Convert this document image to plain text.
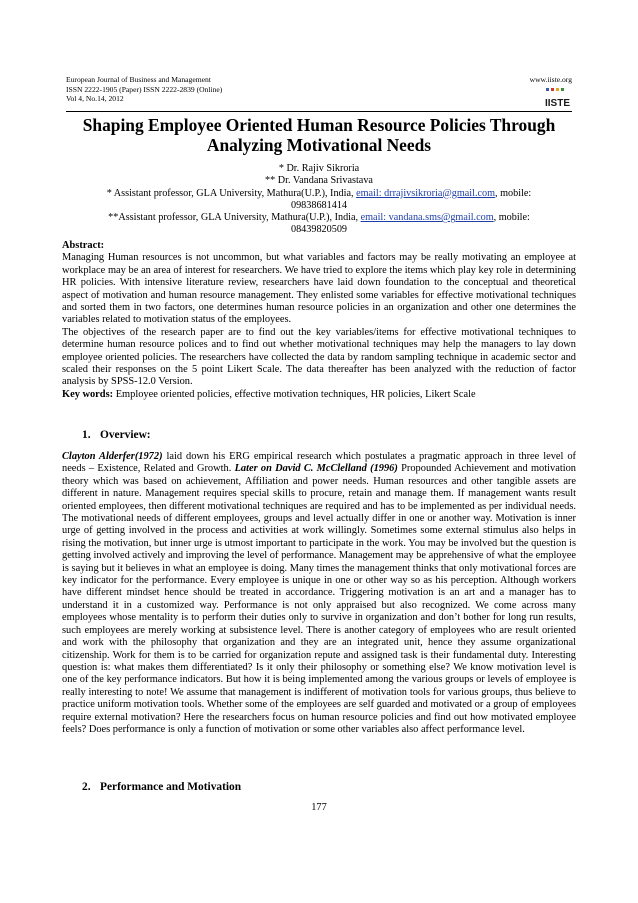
European Journal of Business and Management
ISSN 2222-1905 (Paper) ISSN 2222-2839 (Online)
Vol 4, No.14, 2012
www.iiste.org
IISTE
Shaping Employee Oriented Human Resource Policies Through
Analyzing Motivational Needs
* Dr. Rajiv Sikroria
** Dr. Vandana Srivastava
* Assistant professor, GLA University, Mathura(U.P.), India, email: drrajivsikroria@gmail.com, mobile:
09838681414
**Assistant professor, GLA University, Mathura(U.P.), India, email: vandana.sms@gmail.com, mobile:
08439820509
Abstract:
Managing Human resources is not uncommon, but what variables and factors may be really motivating an employee at workplace may be an area of interest for researchers. We have tried to explore the items which play key role in determining HR policies. With intensive literature review, researchers have laid down foundation to the conceptual and theoretical aspect of motivation and human resource management. They enlisted some variables for effective motivational techniques and sorted them in two factors, one determines human resource policies in an organization and other one determines the variables related to motivation status of the employees.
The objectives of the research paper are to find out the key variables/items for effective motivational techniques to determine human resource polices and to find out whether motivational techniques may help the managers to lay down employee oriented policies. The researchers have collected the data by random sampling technique in academic sector and scaled their responses on the 5 point Likert Scale. The data thereafter has been analyzed with the reduction of factor analysis by SPSS-12.0 Version.
Key words: Employee oriented policies, effective motivation techniques, HR policies, Likert Scale
1. Overview:
Clayton Alderfer(1972) laid down his ERG empirical research which postulates a pragmatic approach in three level of needs – Existence, Related and Growth. Later on David C. McClelland (1996) Propounded Achievement and motivation theory which was based on achievement, Affiliation and power needs. Human resources and other tangible assets are different in nature. Management requires special skills to procure, retain and manage them. If management wants result oriented employees, then different motivational techniques are required and has to be implemented as per individual needs. The motivational needs of different employees, groups and level actually differ in one or another way. Motivation is inner urge of getting involved in the process and activities at work willingly. Sometimes some external stimulus also helps in rising the motivation, but inner urge is utmost important to participate in the work. You may be involved but the question is getting involved actively and improving the level of performance. Management may be apprehensive of what the employee is saying but it believes in what an employee is doing. Many times the management thinks that only motivational forces are key indicator for the performance. Every employee is unique in one or other way so as his perception. Although workers have different mindset hence should be treated in accordance. Triggering motivation is an art and a manager has to understand it in a customized way. Performance is not only appraised but also recognized. We come across many employees whose mentality is to perform their duties only to survive in organization and don’t bother for long run results, such employees are merely working at subsistence level. There is another category of employees who are result oriented and work with the philosophy that organization and they are an integrated unit, hence they assume organizational citizenship. Work for them is to be carried for organization repute and assigned task is their fundamental duty. Interesting question is: what makes them differentiated? Is it only their philosophy or something else? We know motivation level is one of the key performance indicators. But how it is being implemented among the various groups or levels of employee is really interesting to note! We assume that management is indifferent of motivation tools for various groups, thus believe to practice uniform motivation tools. Whether some of the employees are self guarded and motivated or a group of employees require external motivation? Here the researchers focus on human resource policies and find out how motivated employee feels? Does performance is only a function of motivation or some other variables also affect performance level.
2. Performance and Motivation
177
